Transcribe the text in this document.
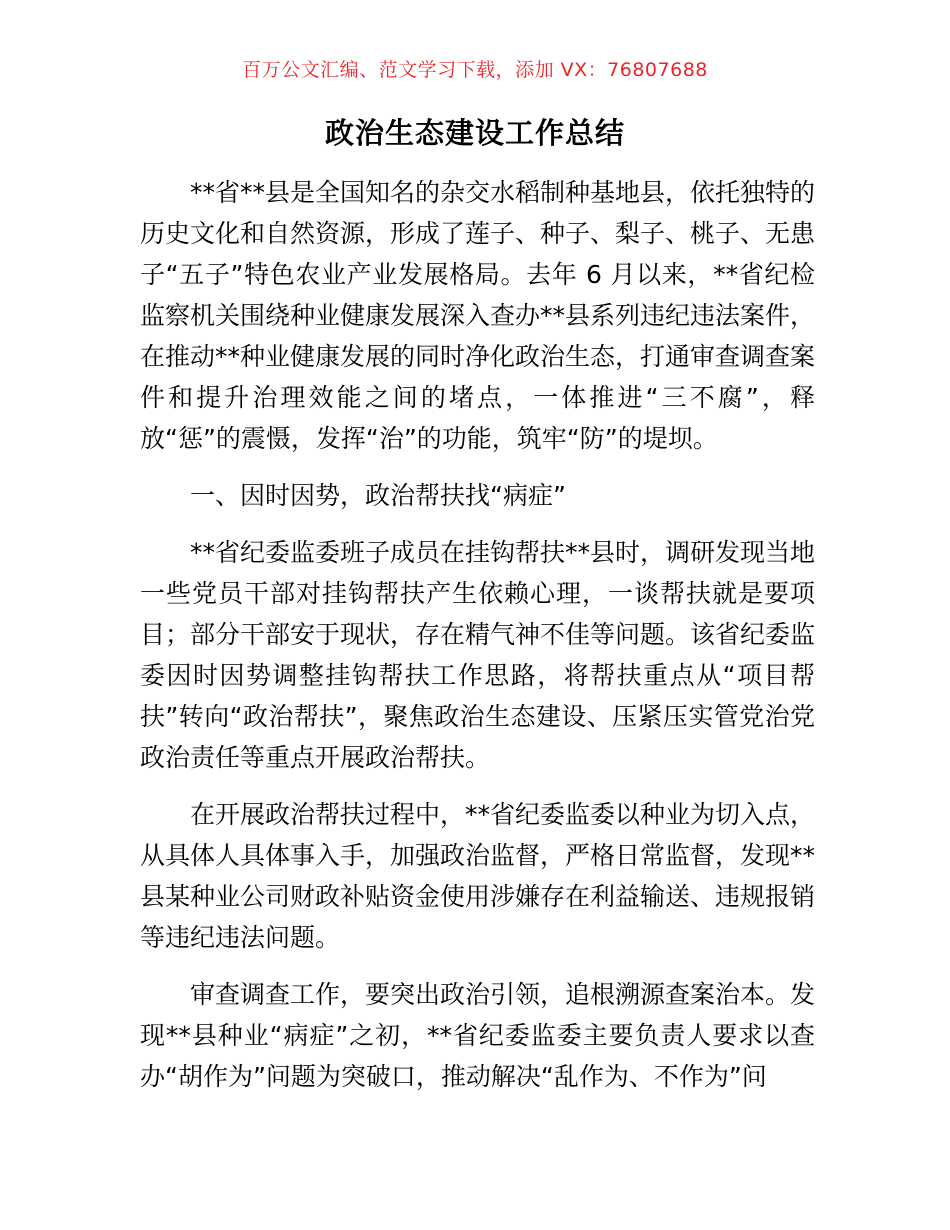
百万公文汇编、范文学习下载，添加 VX：76807688
政治生态建设工作总结

**省**县是全国知名的杂交水稻制种基地县，依托独特的历史文化和自然资源，形成了莲子、种子、梨子、桃子、无患子“五子”特色农业产业发展格局。去年 6 月以来，**省纪检监察机关围绕种业健康发展深入查办**县系列违纪违法案件，在推动**种业健康发展的同时净化政治生态，打通审查调查案件和提升治理效能之间的堵点，一体推进“三不腐”，释放“惩”的震慑，发挥“治”的功能，筑牢“防”的堤坝。

一、因时因势，政治帮扶找“病症”

**省纪委监委班子成员在挂钩帮扶**县时，调研发现当地一些党员干部对挂钩帮扶产生依赖心理，一谈帮扶就是要项目；部分干部安于现状，存在精气神不佳等问题。该省纪委监委因时因势调整挂钩帮扶工作思路，将帮扶重点从“项目帮扶”转向“政治帮扶”，聚焦政治生态建设、压紧压实管党治党政治责任等重点开展政治帮扶。

在开展政治帮扶过程中，**省纪委监委以种业为切入点，从具体人具体事入手，加强政治监督，严格日常监督，发现**县某种业公司财政补贴资金使用涉嫌存在利益输送、违规报销等违纪违法问题。

审查调查工作，要突出政治引领，追根溯源查案治本。发现**县种业“病症”之初，**省纪委监委主要负责人要求以查办“胡作为”问题为突破口，推动解决“乱作为、不作为”问
